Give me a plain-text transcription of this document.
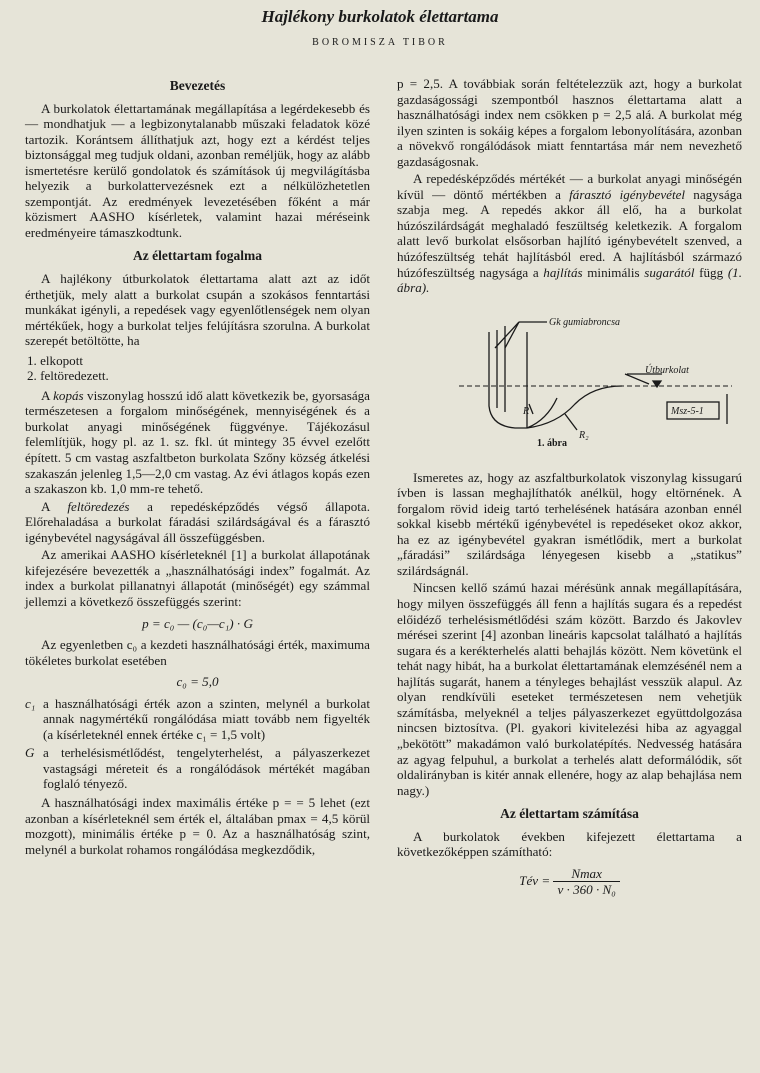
Hajlékony burkolatok élettartama
BOROMISZA TIBOR
Bevezetés

A burkolatok élettartamának megállapítása a legérdekesebb és — mondhatjuk — a legbizonytalanabb műszaki feladatok közé tartozik. Korántsem állíthatjuk azt, hogy ezt a kérdést teljes biztonsággal meg tudjuk oldani, azonban reméljük, hogy az alább ismertetésre kerülő gondolatok és számítások új megvilágításba helyezik a burkolattervezésnek ezt a nélkülözhetetlen szempontját. Az eredmények levezetésében főként a már közismert AASHO kísérletek, valamint hazai méréseink eredményeire támaszkodtunk.

Az élettartam fogalma

A hajlékony útburkolatok élettartama alatt azt az időt érthetjük, mely alatt a burkolat csupán a szokásos fenntartási munkákat igényli, a repedések vagy egyenlőtlenségek nem olyan mértékűek, hogy a burkolat teljes felújításra szorulna. A burkolat szerepét betöltötte, ha

1. elkopott
2. feltöredezett.

A kopás viszonylag hosszú idő alatt következik be, gyorsasága természetesen a forgalom minőségének, mennyiségének és a burkolat anyagi minőségének függvénye. Tájékozásul felemlítjük, hogy pl. az 1. sz. fkl. út mintegy 35 évvel ezelőtt épített. 5 cm vastag aszfaltbeton burkolata Szőny község átkelési szakaszán jelenleg 1,5—2,0 cm vastag. Az évi átlagos kopás ezen a szakaszon kb. 1,0 mm-re tehető.

A feltöredezés a repedésképződés végső állapota. Előrehaladása a burkolat fáradási szilárdságával és a fárasztó igénybevétel nagyságával áll összefüggésben.

Az amerikai AASHO kísérleteknél [1] a burkolat állapotának kifejezésére bevezették a „használhatósági index” fogalmát. Az index a burkolat pillanatnyi állapotát (minőségét) egy számmal jellemzi a következő összefüggés szerint:

p = c₀ — (c₀—c₁) · G

Az egyenletben c₀ a kezdeti használhatósági érték, maximuma tökéletes burkolat esetében

c₀ = 5,0
c₁ a használhatósági érték azon a szinten, melynél a burkolat annak nagymértékű rongálódása miatt tovább nem figyelték (a kísérleteknél ennek értéke c₁ = 1,5 volt)
G a terhelésismétlődést, tengelyterhelést, a pályaszerkezet vastagsági méreteit és a rongálódások mértékét magában foglaló tényező.

A használhatósági index maximális értéke p = = 5 lehet (ezt azonban a kísérleteknél sem érték el, általában pmax = 4,5 körül mozgott), minimális értéke p = 0. Az a használhatóság szint, melynél a burkolat rohamos rongálódása megkezdődik,

p = 2,5. A továbbiak során feltételezzük azt, hogy a burkolat gazdaságossági szempontból hasznos élettartama alatt a használhatósági index nem csökken p = 2,5 alá. A burkolat még ilyen szinten is sokáig képes a forgalom lebonyolítására, azonban a növekvő rongálódások miatt fenntartása már nem nevezhető gazdaságosnak.

A repedésképződés mértékét — a burkolat anyagi minőségén kívül — döntő mértékben a fárasztó igénybevétel nagysága szabja meg. A repedés akkor áll elő, ha a burkolat húzószilárdságát meghaladó feszültség keletkezik. A forgalom alatt levő burkolat elsősorban hajlító igénybevételt szenved, a húzófeszültség tehát hajlításból ered. A hajlításból származó húzófeszültség nagysága a hajlítás minimális sugarától függ (1. ábra).

Gk gumiabroncsa
Útburkolat
R
R₂
Msz-5-1
1. ábra

Ismeretes az, hogy az aszfaltburkolatok viszonylag kissugarú ívben is lassan meghajlíthatók anélkül, hogy eltörnének. A forgalom rövid ideig tartó terhelésének hatására azonban ennél sokkal kisebb mértékű igénybevétel is repedéseket okoz akkor, ha ez az igénybevétel gyakran ismétlődik, mert a burkolat „fáradási” szilárdsága lényegesen kisebb a „statikus” szilárdságnál.

Nincsen kellő számú hazai mérésünk annak megállapítására, hogy milyen összefüggés áll fenn a hajlítás sugara és a repedést előidéző terhelésismétlődési szám között. Barzdo és Jakovlev mérései szerint [4] azonban lineáris kapcsolat található a hajlítás sugara és a kerékterhelés alatti behajlás között. Nem követünk el tehát nagy hibát, ha a burkolat élettartamának elemzésénél nem a hajlítás sugarát, hanem a tényleges behajlást vesszük alapul. Az olyan rendkívüli eseteket természetesen nem vehetjük számításba, melyeknél a teljes pályaszerkezet együttdolgozása nincsen biztosítva. (Pl. gyakori kivitelezési hiba az agyaggal „bekötött” makadámon való burkolatépítés. Nedvesség hatására az agyag felpuhul, a burkolat a terhelés alatt deformálódik, sőt oldalirányban is kitér annak ellenére, hogy az alap behajlása nem nagy.)

Az élettartam számítása

A burkolatok években kifejezett élettartama a következőképpen számítható:

Tév = $\frac{Nmax}{\text{ν · 360 · N₀}}$
